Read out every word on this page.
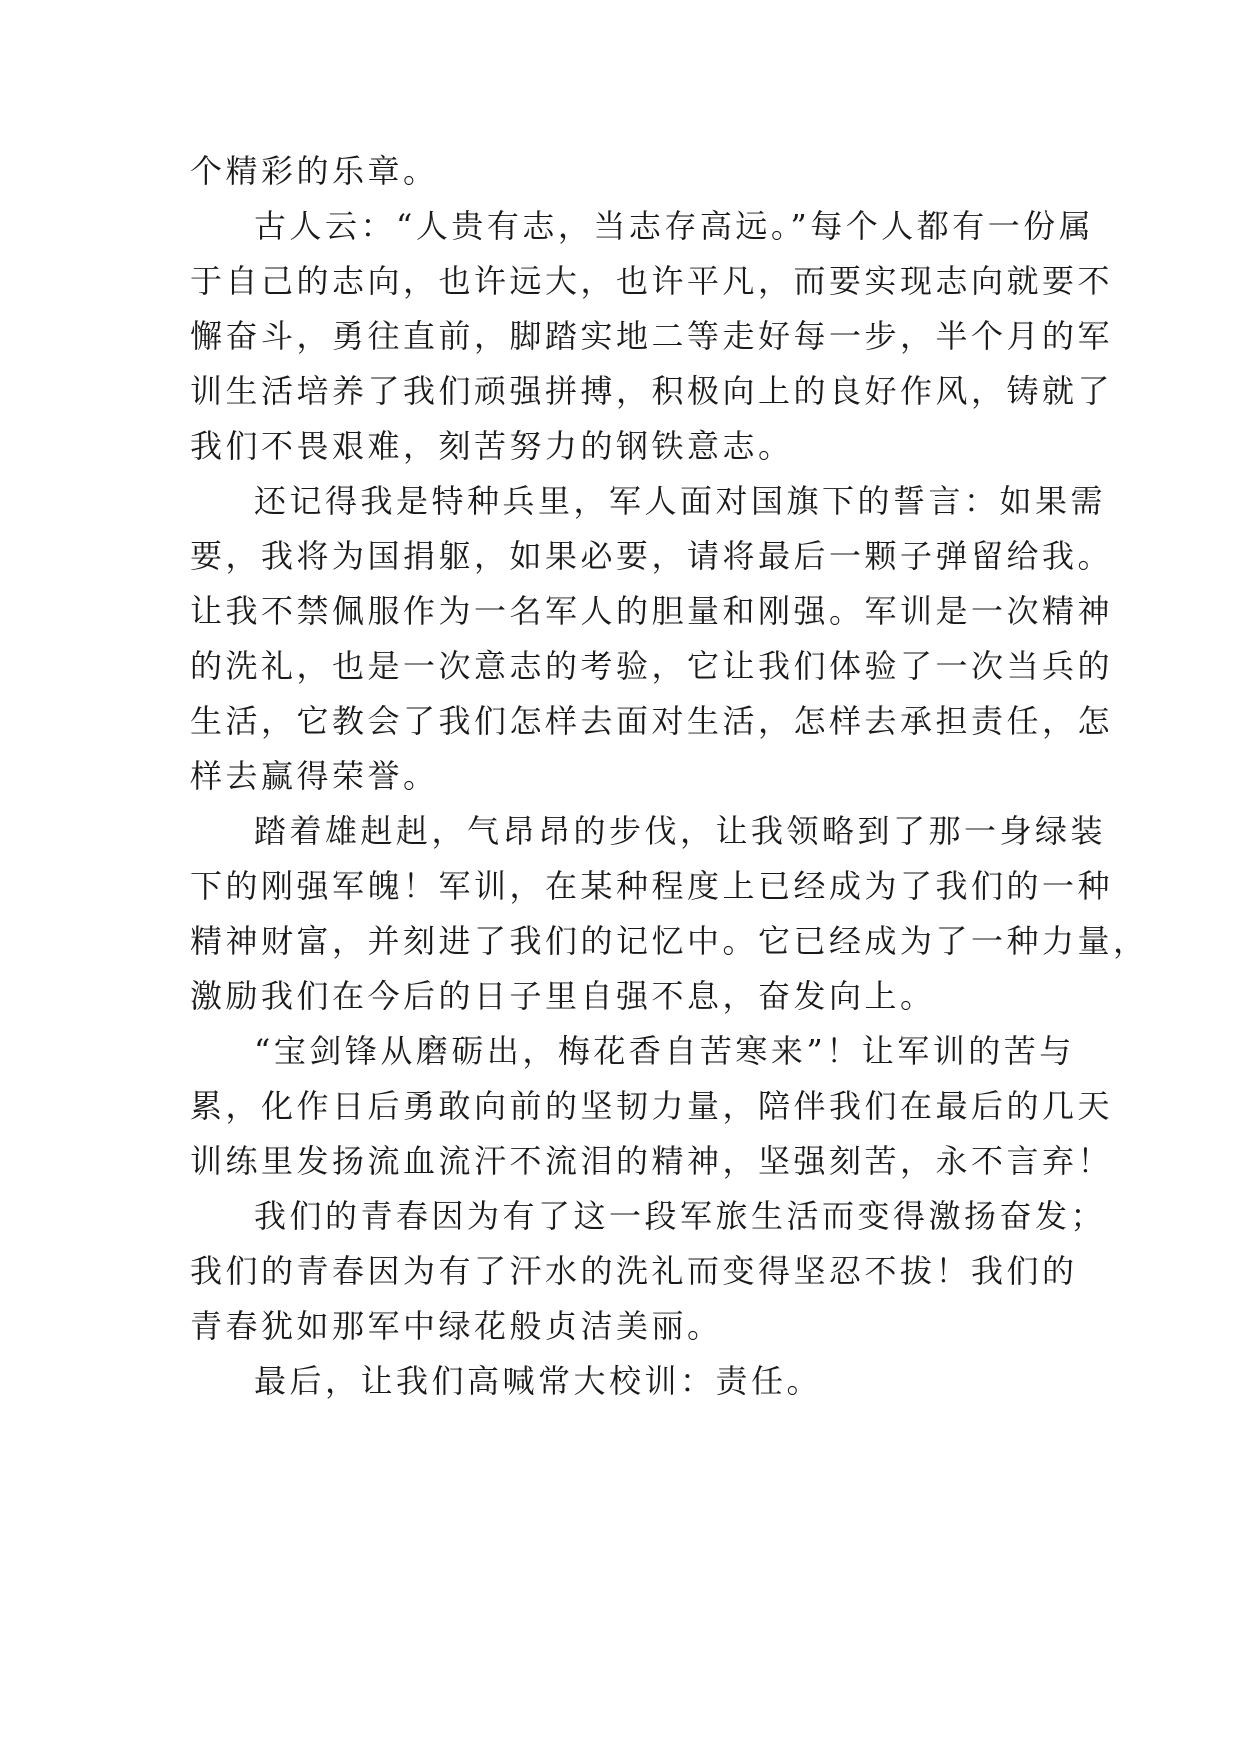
个精彩的乐章。
古人云：“人贵有志，当志存高远。”每个人都有一份属
于自己的志向，也许远大，也许平凡，而要实现志向就要不
懈奋斗，勇往直前，脚踏实地二等走好每一步，半个月的军
训生活培养了我们顽强拼搏，积极向上的良好作风，铸就了
我们不畏艰难，刻苦努力的钢铁意志。
还记得我是特种兵里，军人面对国旗下的誓言：如果需
要，我将为国捐躯，如果必要，请将最后一颗子弹留给我。
让我不禁佩服作为一名军人的胆量和刚强。军训是一次精神
的洗礼，也是一次意志的考验，它让我们体验了一次当兵的
生活，它教会了我们怎样去面对生活，怎样去承担责任，怎
样去赢得荣誉。
踏着雄赳赳，气昂昂的步伐，让我领略到了那一身绿装
下的刚强军魄！军训，在某种程度上已经成为了我们的一种
精神财富，并刻进了我们的记忆中。它已经成为了一种力量，
激励我们在今后的日子里自强不息，奋发向上。
“宝剑锋从磨砺出，梅花香自苦寒来”！让军训的苦与
累，化作日后勇敢向前的坚韧力量，陪伴我们在最后的几天
训练里发扬流血流汗不流泪的精神，坚强刻苦，永不言弃！
我们的青春因为有了这一段军旅生活而变得激扬奋发；
我们的青春因为有了汗水的洗礼而变得坚忍不拔！我们的
青春犹如那军中绿花般贞洁美丽。
最后，让我们高喊常大校训：责任。
